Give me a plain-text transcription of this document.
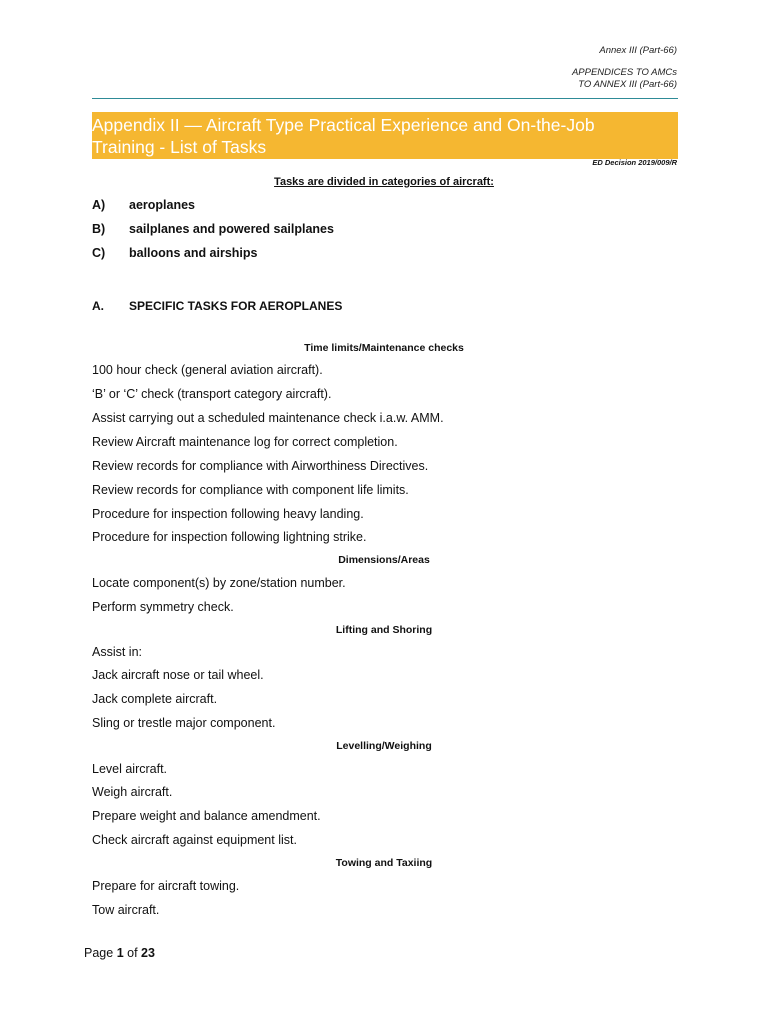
Annex III (Part-66)
APPENDICES TO AMCs
TO ANNEX III (Part-66)
Appendix II — Aircraft Type Practical Experience and On-the-Job
Training - List of Tasks
ED Decision 2019/009/R
Tasks are divided in categories of aircraft:
A) aeroplanes
B) sailplanes and powered sailplanes
C) balloons and airships
A. SPECIFIC TASKS FOR AEROPLANES
Time limits/Maintenance checks
100 hour check (general aviation aircraft).
‘B’ or ‘C’ check (transport category aircraft).
Assist carrying out a scheduled maintenance check i.a.w. AMM.
Review Aircraft maintenance log for correct completion.
Review records for compliance with Airworthiness Directives.
Review records for compliance with component life limits.
Procedure for inspection following heavy landing.
Procedure for inspection following lightning strike.
Dimensions/Areas
Locate component(s) by zone/station number.
Perform symmetry check.
Lifting and Shoring
Assist in:
Jack aircraft nose or tail wheel.
Jack complete aircraft.
Sling or trestle major component.
Levelling/Weighing
Level aircraft.
Weigh aircraft.
Prepare weight and balance amendment.
Check aircraft against equipment list.
Towing and Taxiing
Prepare for aircraft towing.
Tow aircraft.
Page 1 of 23
